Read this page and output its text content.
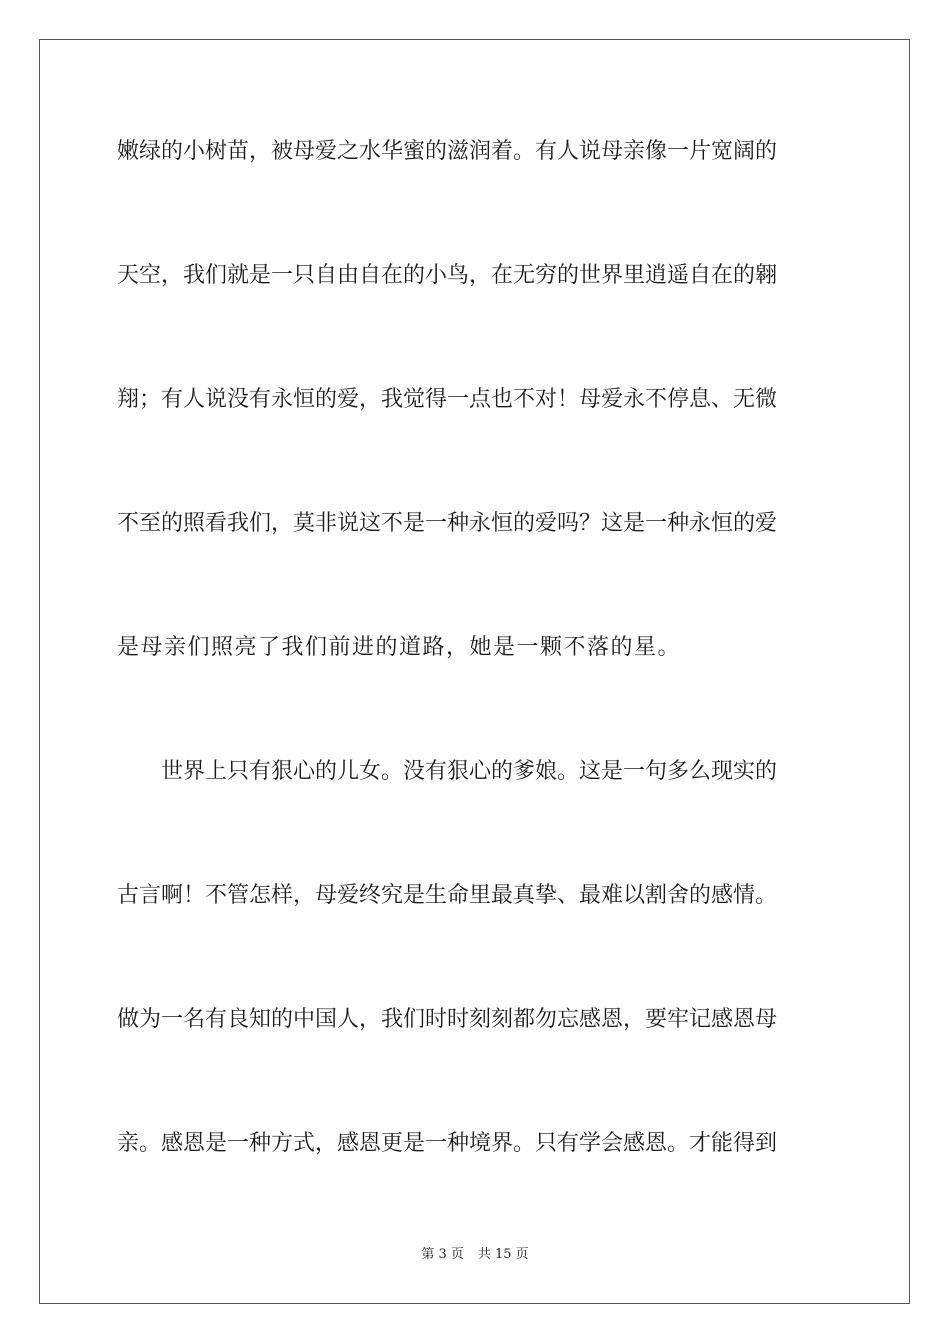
嫩绿的小树苗，被母爱之水华蜜的滋润着。有人说母亲像一片宽阔的
天空，我们就是一只自由自在的小鸟，在无穷的世界里逍遥自在的翱
翔；有人说没有永恒的爱，我觉得一点也不对！母爱永不停息、无微
不至的照看我们，莫非说这不是一种永恒的爱吗？这是一种永恒的爱
是母亲们照亮了我们前进的道路，她是一颗不落的星。
　　世界上只有狠心的儿女。没有狠心的爹娘。这是一句多么现实的
古言啊！不管怎样，母爱终究是生命里最真挚、最难以割舍的感情。
做为一名有良知的中国人，我们时时刻刻都勿忘感恩，要牢记感恩母
亲。感恩是一种方式，感恩更是一种境界。只有学会感恩。才能得到
第 3 页 共 15 页
